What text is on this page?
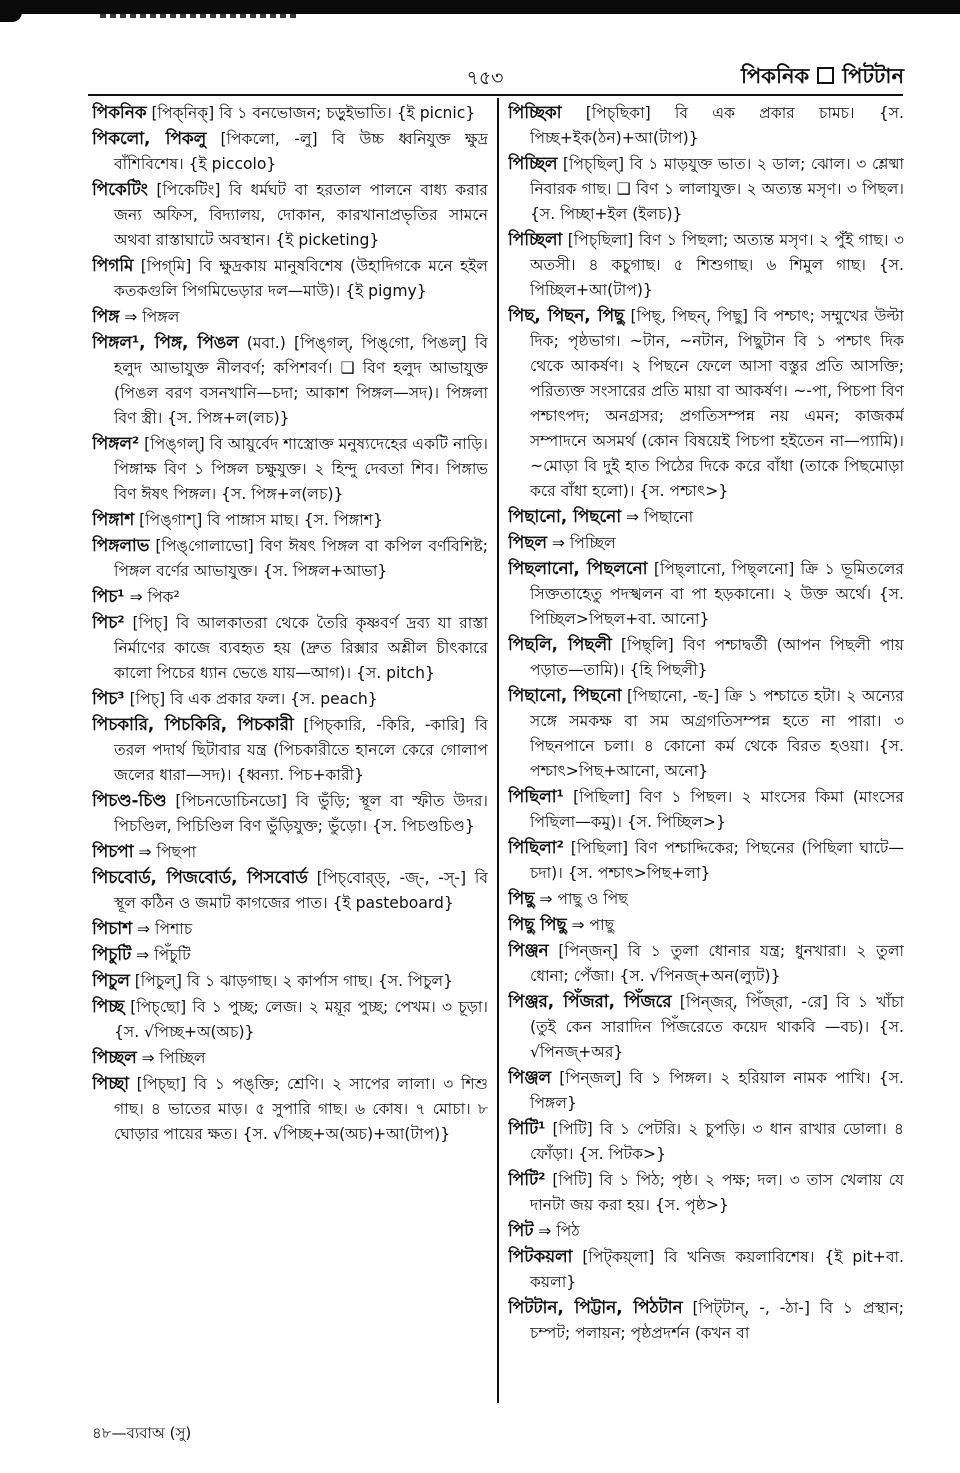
৭৫৩	পিকনিক পিটটান

পিকনিক [পিক্‌নিক্] বি ১ বনভোজন; চড়ুইভাতি। {ই picnic}

পিকলো, পিকলু [পিকলো, -লু] বি উচ্চ ধ্বনিযুক্ত ক্ষুদ্র বাঁশিবিশেষ। {ই piccolo}

পিকেটিং [পিকেটিং] বি ধর্মঘট বা হরতাল পালনে বাধ্য করার জন্য অফিস, বিদ্যালয়, দোকান, কারখানাপ্রভৃতির সামনে অথবা রাস্তাঘাটে অবস্থান। {ই picketing}

পিগমি [পিগ্‌মি] বি ক্ষুদ্রকায় মানুষবিশেষ (উহাদিগকে মনে হইল কতকগুলি পিগমিভেড়ার দল—মাউ)। {ই pigmy}

পিঙ্গ ⇒ পিঙ্গল

পিঙ্গল¹, পিঙ্গ, পিঙল (মবা.) [পিঙ্‌গল্, পিঙ্‌গো, পিঙল্] বি হলুদ আভাযুক্ত নীলবর্ণ; কপিশবর্ণ। ❑ বিণ হলুদ আভাযুক্ত (পিঙল বরণ বসনখানি—চদা; আকাশ পিঙ্গল—সদ)। পিঙ্গলা বিণ স্ত্রী। {স. পিঙ্গ+ল(লচ)}

পিঙ্গল² [পিঙ্‌গল্] বি আয়ুর্বেদ শাস্ত্রোক্ত মনুষ্যদেহের একটি নাড়ি। পিঙ্গাক্ষ বিণ ১ পিঙ্গল চক্ষুযুক্ত। ২ হিন্দু দেবতা শিব। পিঙ্গাভ বিণ ঈষৎ পিঙ্গল। {স. পিঙ্গ+ল(লচ)}

পিঙ্গাশ [পিঙ্‌গাশ্] বি পাঙ্গাস মাছ। {স. পিঙ্গাশ}

পিঙ্গলাভ [পিঙ্‌গোলাভো] বিণ ঈষৎ পিঙ্গল বা কপিল বর্ণবিশিষ্ট; পিঙ্গল বর্ণের আভাযুক্ত। {স. পিঙ্গল+আভা}

পিচ¹ ⇒ পিক²

পিচ² [পিচ্] বি আলকাতরা থেকে তৈরি কৃষ্ণবর্ণ দ্রব্য যা রাস্তা নির্মাণের কাজে ব্যবহৃত হয় (দ্রুত রিক্সার অশ্লীল চীৎকারে কালো পিচের ধ্যান ভেঙে যায়—আগ)। {স. pitch}

পিচ³ [পিচ্] বি এক প্রকার ফল। {স. peach}

পিচকারি, পিচকিরি, পিচকারী [পিচ্‌কারি, -কিরি, -কারি] বি তরল পদার্থ ছিটাবার যন্ত্র (পিচকারীতে হানলে কেরে গোলাপ জলের ধারা—সদ)। {ধ্বন্যা. পিচ+কারী}

পিচণ্ড-চিণ্ড [পিচনডোচিনডো] বি ভুঁড়ি; স্থূল বা স্ফীত উদর। পিচণ্ডিল, পিচিণ্ডিল বিণ ভুঁড়িযুক্ত; ভুঁড়ো। {স. পিচণ্ডচিণ্ড}

পিচপা ⇒ পিছপা

পিচবোর্ড, পিজবোর্ড, পিসবোর্ড [পিচ্‌বোর্‌ড্, -জ্-, -স্-] বি স্থূল কঠিন ও জমাট কাগজের পাত। {ই pasteboard}

পিচাশ ⇒ পিশাচ

পিচুটি ⇒ পিঁচুটি

পিচুল [পিচুল্] বি ১ ঝাড়গাছ। ২ কার্পাস গাছ। {স. পিচুল}

পিচ্ছ [পিচ্‌ছো] বি ১ পুচ্ছ; লেজ। ২ ময়ূর পুচ্ছ; পেখম। ৩ চূড়া। {স. √পিচ্ছ+অ(অচ)}

পিচ্ছল ⇒ পিচ্ছিল

পিচ্ছা [পিচ্‌ছা] বি ১ পঙ্‌ক্তি; শ্রেণি। ২ সাপের লালা। ৩ শিশু গাছ। ৪ ভাতের মাড়। ৫ সুপারি গাছ। ৬ কোষ। ৭ মোচা। ৮ ঘোড়ার পায়ের ক্ষত। {স. √পিচ্ছ+অ(অচ)+আ(টাপ)}

পিচ্ছিকা [পিচ্‌ছিকা] বি এক প্রকার চামচ। {স. পিচ্ছ+ইক(ঠন)+আ(টাপ)}

পিচ্ছিল [পিচ্‌ছিল্] বি ১ মাড়যুক্ত ভাত। ২ ডাল; ঝোল। ৩ শ্লেষ্মা নিবারক গাছ। ❑ বিণ ১ লালাযুক্ত। ২ অত্যন্ত মসৃণ। ৩ পিছল। {স. পিচ্ছা+ইল (ইলচ)}

পিচ্ছিলা [পিচ্‌ছিলা] বিণ ১ পিছলা; অত্যন্ত মসৃণ। ২ পুঁই গাছ। ৩ অতসী। ৪ কচুগাছ। ৫ শিশুগাছ। ৬ শিমুল গাছ। {স. পিচ্ছিল+আ(টাপ)}

পিছ, পিছন, পিছু [পিছ্, পিছন্, পিছু] বি পশ্চাৎ; সম্মুখের উল্টা দিক; পৃষ্ঠভাগ। ~টান, ~নটান, পিছুটান বি ১ পশ্চাৎ দিক থেকে আকর্ষণ। ২ পিছনে ফেলে আসা বস্তুর প্রতি আসক্তি; পরিত্যক্ত সংসারের প্রতি মায়া বা আকর্ষণ। ~-পা, পিচপা বিণ পশ্চাৎপদ; অনগ্রসর; প্রগতিসম্পন্ন নয় এমন; কাজকর্ম সম্পাদনে অসমর্থ (কোন বিষয়েই পিচপা হইতেন না—প্যামি)। ~মোড়া বি দুই হাত পিঠের দিকে করে বাঁধা (তাকে পিছমোড়া করে বাঁধা হলো)। {স. পশ্চাৎ>}

পিছানো, পিছনো ⇒ পিছানো

পিছল ⇒ পিচ্ছিল

পিছলানো, পিছলনো [পিছ্‌লানো, পিছ্‌লনো] ক্রি ১ ভূমিতলের সিক্ততাহেতু পদস্খলন বা পা হড়কানো। ২ উক্ত অর্থে। {স. পিচ্ছিল>পিছল+বা. আনো}

পিছলি, পিছলী [পিছ্‌লি] বিণ পশ্চাদ্বর্তী (আপন পিছলী পায় পড়াত—তামি)। {হি পিছলী}

পিছানো, পিছনো [পিছানো, -ছ-] ক্রি ১ পশ্চাতে হটা। ২ অন্যের সঙ্গে সমকক্ষ বা সম অগ্রগতিসম্পন্ন হতে না পারা। ৩ পিছনপানে চলা। ৪ কোনো কর্ম থেকে বিরত হওয়া। {স. পশ্চাৎ>পিছ+আনো, অনো}

পিছিলা¹ [পিছিলা] বিণ ১ পিছল। ২ মাংসের কিমা (মাংসের পিছিলা—কমু)। {স. পিচ্ছিল>}

পিছিলা² [পিছিলা] বিণ পশ্চাদ্দিকের; পিছনের (পিছিলা ঘাটে—চদা)। {স. পশ্চাৎ>পিছ+লা}

পিছু ⇒ পাছু ও পিছ

পিছু পিছু ⇒ পাছু

পিঞ্জন [পিন্‌জন্] বি ১ তুলা ধোনার যন্ত্র; ধুনখারা। ২ তুলা ধোনা; পেঁজা। {স. √পিনজ্+অন(ল্যুট)}

পিঞ্জর, পিঁজরা, পিঁজরে [পিন্‌জর্, পিঁজ্‌রা, -রে] বি ১ খাঁচা (তুই কেন সারাদিন পিঁজরেতে কয়েদ থাকবি —বচ)। {স. √পিনজ্+অর}

পিঞ্জল [পিন্‌জল্] বি ১ পিঙ্গল। ২ হরিয়াল নামক পাখি। {স. পিঙ্গল}

পিটি¹ [পিটি] বি ১ পেটরি। ২ চুপড়ি। ৩ ধান রাখার ডোলা। ৪ ফোঁড়া। {স. পিটক>}

পিটি² [পিটি] বি ১ পিঠ; পৃষ্ঠ। ২ পক্ষ; দল। ৩ তাস খেলায় যে দানটা জয় করা হয়। {স. পৃষ্ঠ>}

পিট ⇒ পিঠ

পিটকয়লা [পিট্‌কয়্‌লা] বি খনিজ কয়লাবিশেষ। {ই pit+বা. কয়লা}

পিটটান, পিট্টান, পিঠটান [পিট্‌টান্, -, -ঠা-] বি ১ প্রস্থান; চম্পট; পলায়ন; পৃষ্ঠপ্রদর্শন (কখন বা

৪৮—ব্যবাঅ (সু)
